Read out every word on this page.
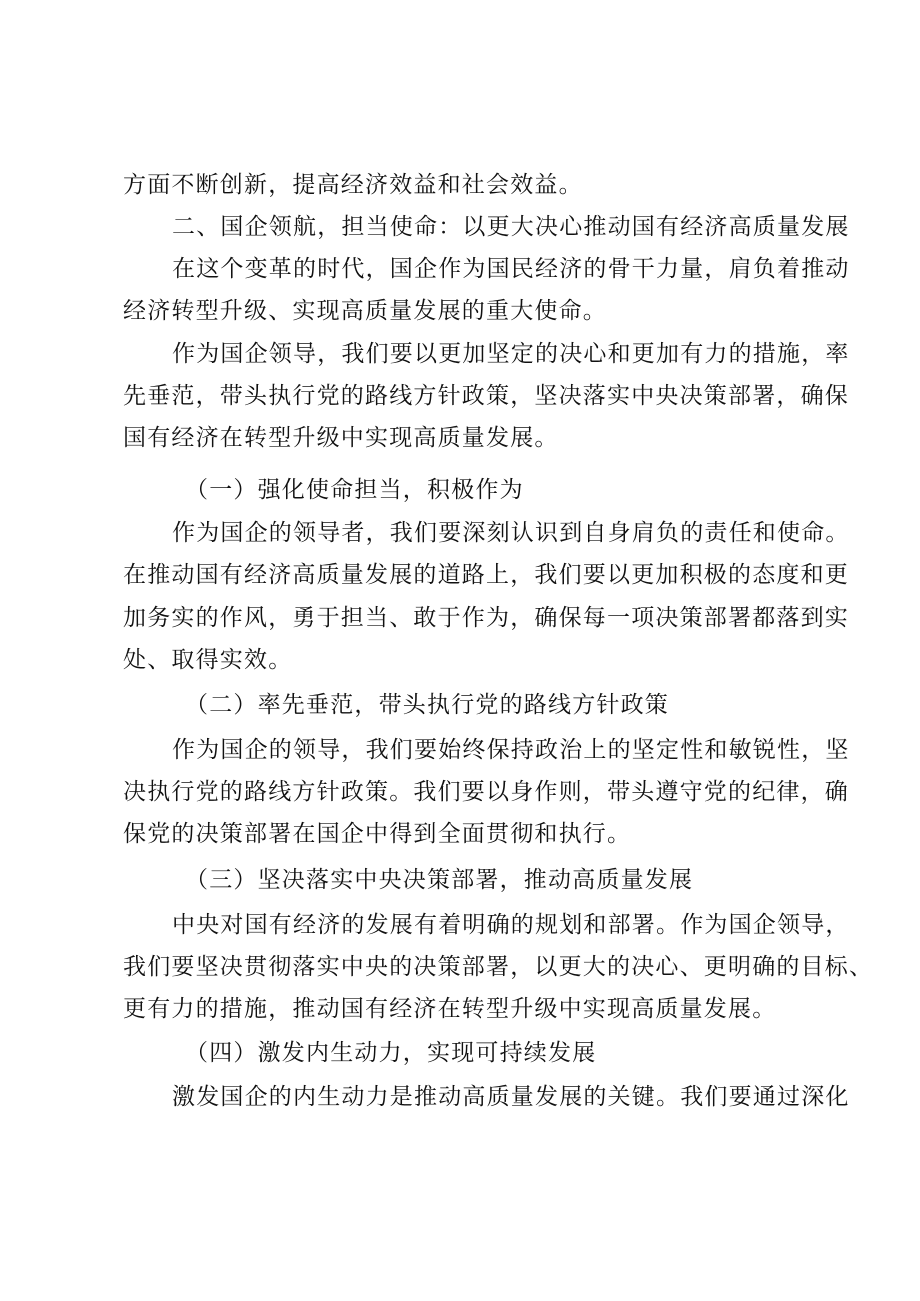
方面不断创新，提高经济效益和社会效益。
二、国企领航，担当使命：以更大决心推动国有经济高质量发展
在这个变革的时代，国企作为国民经济的骨干力量，肩负着推动
经济转型升级、实现高质量发展的重大使命。
作为国企领导，我们要以更加坚定的决心和更加有力的措施，率
先垂范，带头执行党的路线方针政策，坚决落实中央决策部署，确保
国有经济在转型升级中实现高质量发展。
（一）强化使命担当，积极作为
作为国企的领导者，我们要深刻认识到自身肩负的责任和使命。
在推动国有经济高质量发展的道路上，我们要以更加积极的态度和更
加务实的作风，勇于担当、敢于作为，确保每一项决策部署都落到实
处、取得实效。
（二）率先垂范，带头执行党的路线方针政策
作为国企的领导，我们要始终保持政治上的坚定性和敏锐性，坚
决执行党的路线方针政策。我们要以身作则，带头遵守党的纪律，确
保党的决策部署在国企中得到全面贯彻和执行。
（三）坚决落实中央决策部署，推动高质量发展
中央对国有经济的发展有着明确的规划和部署。作为国企领导，
我们要坚决贯彻落实中央的决策部署，以更大的决心、更明确的目标、
更有力的措施，推动国有经济在转型升级中实现高质量发展。
（四）激发内生动力，实现可持续发展
激发国企的内生动力是推动高质量发展的关键。我们要通过深化
